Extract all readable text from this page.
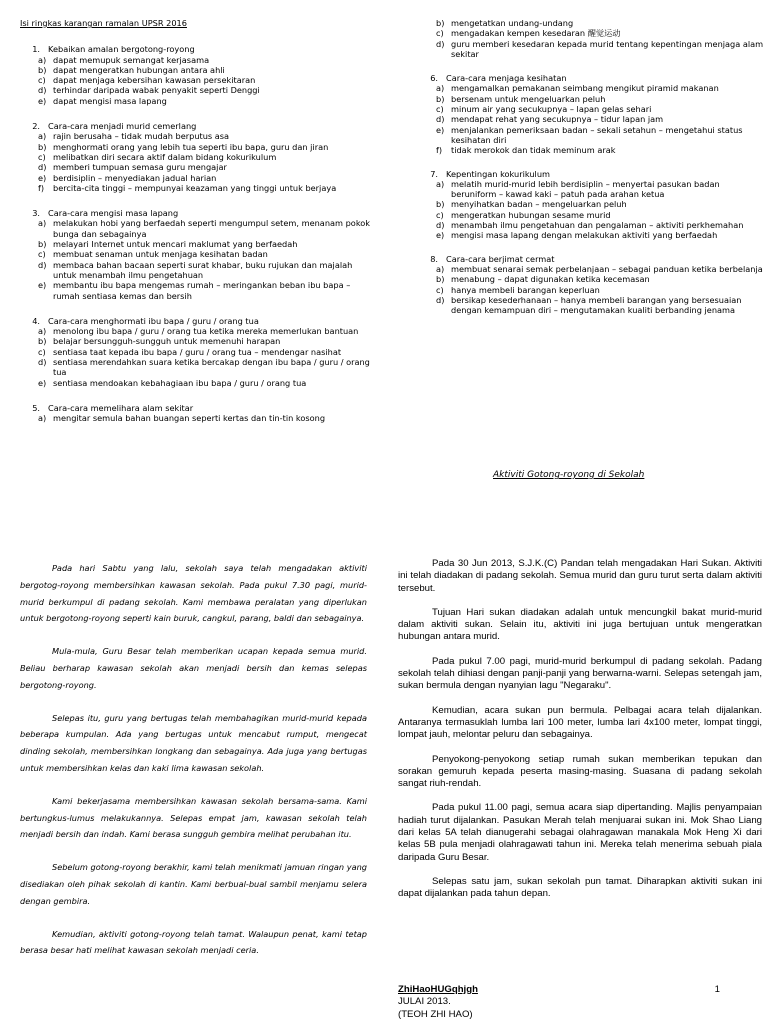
Isi ringkas karangan ramalan UPSR 2016
1. Kebaikan amalan bergotong-royong
a) dapat memupuk semangat kerjasama
b) dapat mengeratkan hubungan antara ahli
c) dapat menjaga kebersihan kawasan persekitaran
d) terhindar daripada wabak penyakit seperti Denggi
e) dapat mengisi masa lapang
2. Cara-cara menjadi murid cemerlang
a) rajin berusaha – tidak mudah berputus asa
b) menghormati orang yang lebih tua seperti ibu bapa, guru dan jiran
c) melibatkan diri secara aktif dalam bidang kokurikulum
d) memberi tumpuan semasa guru mengajar
e) berdisiplin – menyediakan jadual harian
f)	bercita-cita tinggi – mempunyai keazaman yang tinggi untuk berjaya
3. Cara-cara mengisi masa lapang
a) melakukan hobi yang berfaedah seperti mengumpul setem, menanam pokok bunga dan sebagainya
b) melayari Internet untuk mencari maklumat yang berfaedah
c) membuat senaman untuk menjaga kesihatan badan
d) membaca bahan bacaan seperti surat khabar, buku rujukan dan majalah untuk menambah ilmu pengetahuan
e) membantu ibu bapa mengemas rumah – meringankan beban ibu bapa – rumah sentiasa kemas dan bersih
4. Cara-cara menghormati ibu bapa / guru / orang tua
a) menolong ibu bapa / guru / orang tua ketika mereka memerlukan bantuan
b) belajar bersungguh-sungguh untuk memenuhi harapan
c) sentiasa taat kepada ibu bapa / guru / orang tua – mendengar nasihat
d) sentiasa merendahkan suara ketika bercakap dengan ibu bapa / guru / orang tua
e) sentiasa mendoakan kebahagiaan ibu bapa / guru / orang tua
5. Cara-cara memelihara alam sekitar
a) mengitar semula bahan buangan seperti kertas dan tin-tin kosong
b) mengetatkan undang-undang
c) mengadakan kempen kesedaran 醒觉运动
d) guru memberi kesedaran kepada murid tentang kepentingan menjaga alam sekitar
6. Cara-cara menjaga kesihatan
a) mengamalkan pemakanan seimbang mengikut piramid makanan
b) bersenam untuk mengeluarkan peluh
c) minum air yang secukupnya – lapan gelas sehari
d) mendapat rehat yang secukupnya – tidur lapan jam
e) menjalankan pemeriksaan badan – sekali setahun – mengetahui status kesihatan diri
f)	tidak merokok dan tidak meminum arak
7. Kepentingan kokurikulum
a) melatih murid-murid lebih berdisiplin – menyertai pasukan badan beruniform – kawad kaki – patuh pada arahan ketua
b) menyihatkan badan – mengeluarkan peluh
c) mengeratkan hubungan sesame murid
d) menambah ilmu pengetahuan dan pengalaman – aktiviti perkhemahan
e) mengisi masa lapang dengan melakukan aktiviti yang berfaedah
8. Cara-cara berjimat cermat
a) membuat senarai semak perbelanjaan – sebagai panduan ketika berbelanja
b) menabung – dapat digunakan ketika kecemasan
c) hanya membeli barangan keperluan
d) bersikap kesederhanaan – hanya membeli barangan yang bersesuaian dengan kemampuan diri – mengutamakan kualiti berbanding jenama
Aktiviti Gotong-royong di Sekolah

Pada hari Sabtu yang lalu, sekolah saya telah mengadakan aktiviti bergotog-royong membersihkan kawasan sekolah. Pada pukul 7.30 pagi, murid-murid berkumpul di padang sekolah. Kami membawa peralatan yang diperlukan untuk bergotong-royong seperti kain buruk, cangkul, parang, baldi dan sebagainya.

Mula-mula, Guru Besar telah memberikan ucapan kepada semua murid. Beliau berharap kawasan sekolah akan menjadi bersih dan kemas selepas bergotong-royong.

Selepas itu, guru yang bertugas telah membahagikan murid-murid kepada beberapa kumpulan. Ada yang bertugas untuk mencabut rumput, mengecat dinding sekolah, membersihkan longkang dan sebagainya. Ada juga yang bertugas untuk membersihkan kelas dan kaki lima kawasan sekolah.

Kami bekerjasama membersihkan kawasan sekolah bersama-sama. Kami bertungkus-lumus melakukannya. Selepas empat jam, kawasan sekolah telah menjadi bersih dan indah. Kami berasa sungguh gembira melihat perubahan itu.

Sebelum gotong-royong berakhir, kami telah menikmati jamuan ringan yang disediakan oleh pihak sekolah di kantin. Kami berbual-bual sambil menjamu selera dengan gembira.

Kemudian, aktiviti gotong-royong telah tamat. Walaupun penat, kami tetap berasa besar hati melihat kawasan sekolah menjadi ceria.

Pada 30 Jun 2013, S.J.K.(C) Pandan telah mengadakan Hari Sukan. Aktiviti ini telah diadakan di padang sekolah. Semua murid dan guru turut serta dalam aktiviti tersebut.

Tujuan Hari sukan diadakan adalah untuk mencungkil bakat murid-murid dalam aktiviti sukan. Selain itu, aktiviti ini juga bertujuan untuk mengeratkan hubungan antara murid.

Pada pukul 7.00 pagi, murid-murid berkumpul di padang sekolah. Padang sekolah telah dihiasi dengan panji-panji yang berwarna-warni. Selepas setengah jam, sukan bermula dengan nyanyian lagu "Negaraku".

Kemudian, acara sukan pun bermula. Pelbagai acara telah dijalankan. Antaranya termasuklah lumba lari 100 meter, lumba lari 4x100 meter, lompat tinggi, lompat jauh, melontar peluru dan sebagainya.

Penyokong-penyokong setiap rumah sukan memberikan tepukan dan sorakan gemuruh kepada peserta masing-masing. Suasana di padang sekolah sangat riuh-rendah.

Pada pukul 11.00 pagi, semua acara siap dipertanding. Majlis penyampaian hadiah turut dijalankan. Pasukan Merah telah menjuarai sukan ini. Mok Shao Liang dari kelas 5A telah dianugerahi sebagai olahragawan manakala Mok Heng Xi dari kelas 5B pula menjadi olahragawati tahun ini. Mereka telah menerima sebuah piala daripada Guru Besar.

Selepas satu jam, sukan sekolah pun tamat. Diharapkan aktiviti sukan ini dapat dijalankan pada tahun depan.

ZhiHaoHUGqhjgh
JULAI 2013.
(TEOH ZHI HAO)
1
